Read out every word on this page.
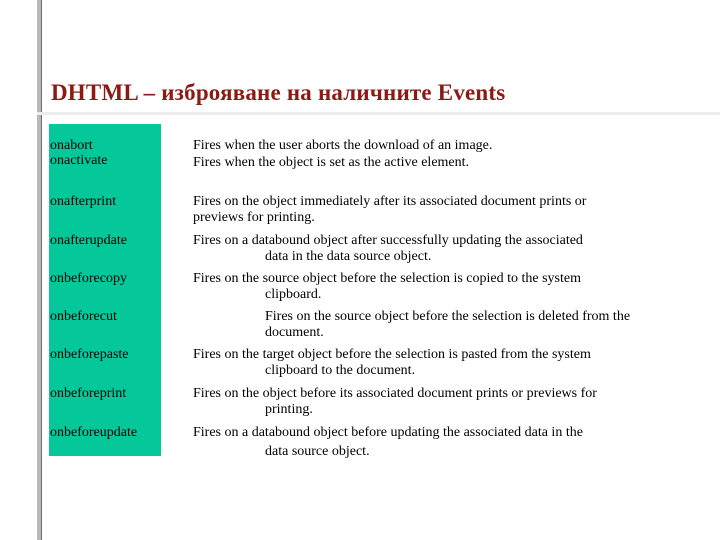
DHTML – изброяване на наличните Events
onabort
onactivate
onafterprint
onafterupdate
onbeforecopy
onbeforecut
onbeforepaste
onbeforeprint
onbeforeupdate
Fires when the user aborts the download of an image.
Fires when the object is set as the active element.
Fires on the object immediately after its associated document prints or
previews for printing.
Fires on a databound object after successfully updating the associated
data in the data source object.
Fires on the source object before the selection is copied to the system
clipboard.
Fires on the source object before the selection is deleted from the
document.
Fires on the target object before the selection is pasted from the system
clipboard to the document.
Fires on the object before its associated document prints or previews for
printing.
Fires on a databound object before updating the associated data in the
data source object.
